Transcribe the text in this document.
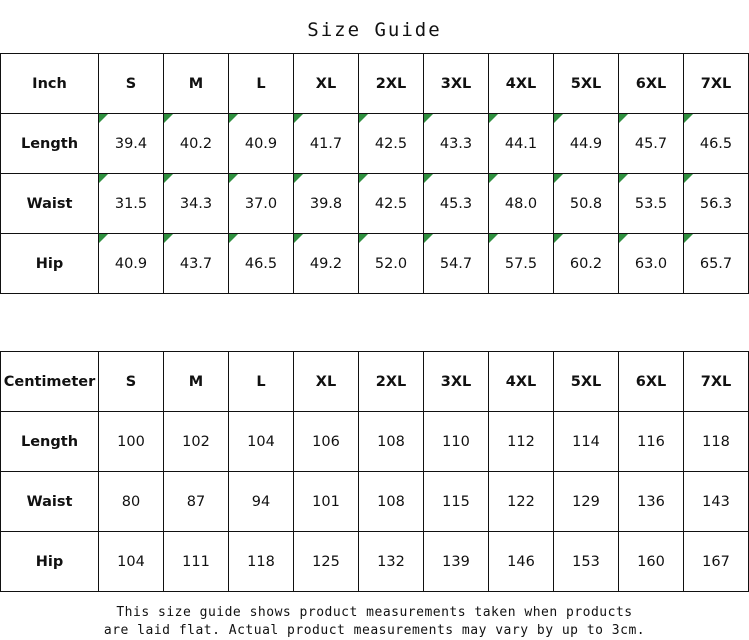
Size Guide
Inch	S	M	L	XL	2XL	3XL	4XL	5XL	6XL	7XL
Length	39.4	40.2	40.9	41.7	42.5	43.3	44.1	44.9	45.7	46.5
Waist	31.5	34.3	37.0	39.8	42.5	45.3	48.0	50.8	53.5	56.3
Hip	40.9	43.7	46.5	49.2	52.0	54.7	57.5	60.2	63.0	65.7
Centimeter	S	M	L	XL	2XL	3XL	4XL	5XL	6XL	7XL
Length	100	102	104	106	108	110	112	114	116	118
Waist	80	87	94	101	108	115	122	129	136	143
Hip	104	111	118	125	132	139	146	153	160	167
This size guide shows product measurements taken when products
are laid flat. Actual product measurements may vary by up to 3cm.
